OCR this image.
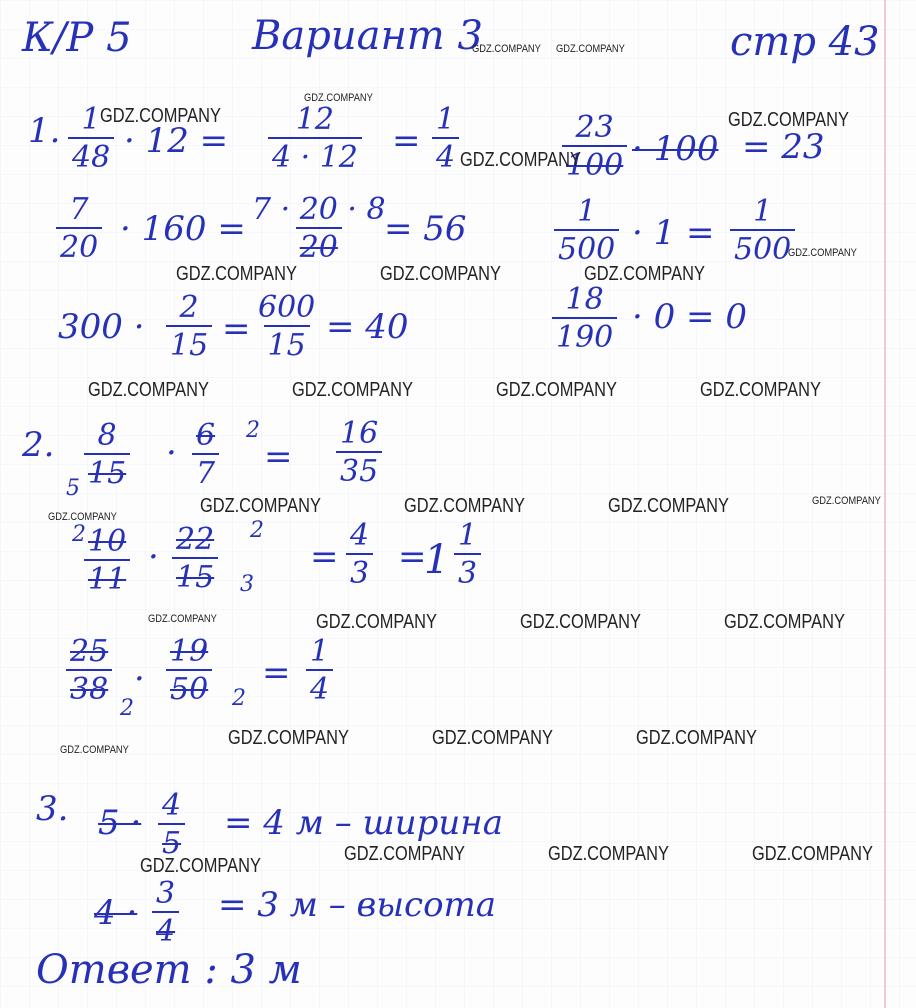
К/Р 5	Вариант 3	стр 43
1. $\frac{1}{48} \cdot 12 = \frac{12}{4 \cdot 12} = \frac{1}{4}$	$\frac{23}{100} \cdot 100 = 23$
$\frac{7}{20} \cdot 160 = \frac{7 \cdot 20 \cdot 8}{20}$
= 56	$\frac{1}{500} \cdot 1 = \frac{1}{500}$
$300 \cdot \frac{2}{15} = \frac{600}{15} = 40$	$\frac{18}{190} \cdot 0 = 0$
2.
$5 \frac{8}{15} \cdot \frac{6}{7} 2$
= $\frac{16}{35}$
2
$\frac{10}{11} \cdot \frac{22}{15} 2$
3
= $\frac{4}{3}$ =
$1 \frac{1}{3}$
$\frac{25}{38}$
2
· $\frac{19}{50} 2$
= $\frac{1}{4}$
3. $5 \cdot \frac{4}{5} = 4$ м – ширина
$4 \cdot \frac{3}{4} = 3$ м – высота
Ответ : 3 м
GDZ.COMPANY GDZ.COMPANY
GDZ.COMPANY
GDZ.COMPANY	GDZ.COMPANY
GDZ.COMPANY
GDZ.COMPANY
GDZ.COMPANY	GDZ.COMPANY	GDZ.COMPANY
GDZ.COMPANY	GDZ.COMPANY	GDZ.COMPANY	GDZ.COMPANY
GDZ.COMPANY	GDZ.COMPANY	GDZ.COMPANY	GDZ.COMPANY
GDZ.COMPANY
GDZ.COMPANY	GDZ.COMPANY	GDZ.COMPANY	GDZ.COMPANY
GDZ.COMPANY	GDZ.COMPANY	GDZ.COMPANY
GDZ.COMPANY
GDZ.COMPANY	GDZ.COMPANY	GDZ.COMPANY
GDZ.COMPANY
